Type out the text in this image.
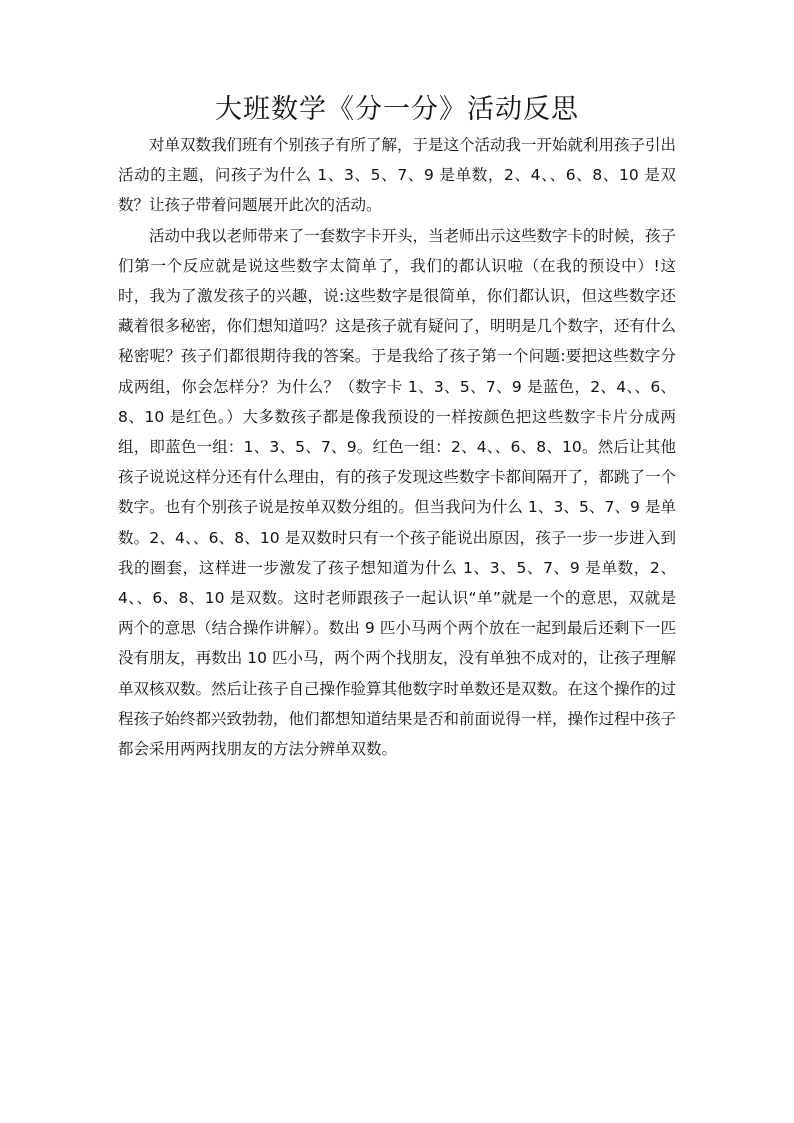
大班数学《分一分》活动反思

对单双数我们班有个别孩子有所了解，于是这个活动我一开始就利用孩子引出活动的主题，问孩子为什么 1、3、5、7、9 是单数，2、4、、6、8、10 是双数？让孩子带着问题展开此次的活动。

活动中我以老师带来了一套数字卡开头，当老师出示这些数字卡的时候，孩子们第一个反应就是说这些数字太简单了，我们的都认识啦（在我的预设中）!这时，我为了激发孩子的兴趣，说:这些数字是很简单，你们都认识，但这些数字还藏着很多秘密，你们想知道吗？这是孩子就有疑问了，明明是几个数字，还有什么秘密呢？孩子们都很期待我的答案。于是我给了孩子第一个问题:要把这些数字分成两组，你会怎样分？为什么？（数字卡 1、3、5、7、9 是蓝色，2、4、、6、8、10 是红色。）大多数孩子都是像我预设的一样按颜色把这些数字卡片分成两组，即蓝色一组：1、3、5、7、9。红色一组：2、4、、6、8、10。然后让其他孩子说说这样分还有什么理由，有的孩子发现这些数字卡都间隔开了，都跳了一个数字。也有个别孩子说是按单双数分组的。但当我问为什么 1、3、5、7、9 是单数。2、4、、6、8、10 是双数时只有一个孩子能说出原因，孩子一步一步进入到我的圈套，这样进一步激发了孩子想知道为什么 1、3、5、7、9 是单数，2、4、、6、8、10 是双数。这时老师跟孩子一起认识“单”就是一个的意思，双就是两个的意思（结合操作讲解）。数出 9 匹小马两个两个放在一起到最后还剩下一匹没有朋友，再数出 10 匹小马，两个两个找朋友，没有单独不成对的，让孩子理解单双核双数。然后让孩子自己操作验算其他数字时单数还是双数。在这个操作的过程孩子始终都兴致勃勃，他们都想知道结果是否和前面说得一样，操作过程中孩子都会采用两两找朋友的方法分辨单双数。
